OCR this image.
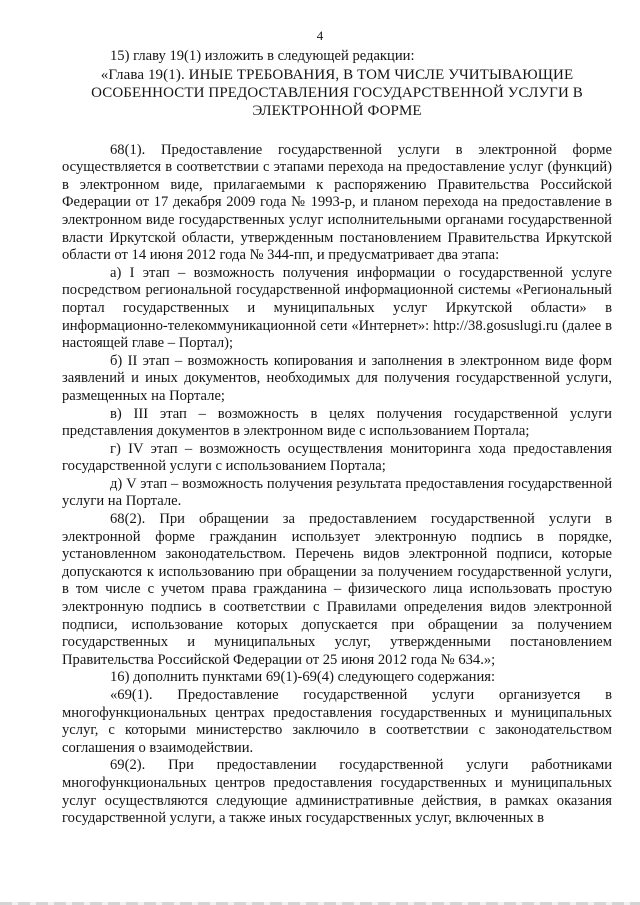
4

15) главу 19(1) изложить в следующей редакции:

«Глава 19(1). ИНЫЕ ТРЕБОВАНИЯ, В ТОМ ЧИСЛЕ УЧИТЫВАЮЩИЕ

ОСОБЕННОСТИ ПРЕДОСТАВЛЕНИЯ ГОСУДАРСТВЕННОЙ УСЛУГИ В

ЭЛЕКТРОННОЙ ФОРМЕ

68(1). Предоставление государственной услуги в электронной форме осуществляется в соответствии с этапами перехода на предоставление услуг (функций) в электронном виде, прилагаемыми к распоряжению Правительства Российской Федерации от 17 декабря 2009 года № 1993-р, и планом перехода на предоставление в электронном виде государственных услуг исполнительными органами государственной власти Иркутской области, утвержденным постановлением Правительства Иркутской области от 14 июня 2012 года № 344-пп, и предусматривает два этапа:

а) I этап – возможность получения информации о государственной услуге посредством региональной государственной информационной системы «Региональный портал государственных и муниципальных услуг Иркутской области» в информационно-телекоммуникационной сети «Интернет»: http://38.gosuslugi.ru (далее в настоящей главе – Портал);

б) II этап – возможность копирования и заполнения в электронном виде форм заявлений и иных документов, необходимых для получения государственной услуги, размещенных на Портале;

в) III этап – возможность в целях получения государственной услуги представления документов в электронном виде с использованием Портала;

г) IV этап – возможность осуществления мониторинга хода предоставления государственной услуги с использованием Портала;

д) V этап – возможность получения результата предоставления государственной услуги на Портале.

68(2). При обращении за предоставлением государственной услуги в электронной форме гражданин использует электронную подпись в порядке, установленном законодательством. Перечень видов электронной подписи, которые допускаются к использованию при обращении за получением государственной услуги, в том числе с учетом права гражданина – физического лица использовать простую электронную подпись в соответствии с Правилами определения видов электронной подписи, использование которых допускается при обращении за получением государственных и муниципальных услуг, утвержденными постановлением Правительства Российской Федерации от 25 июня 2012 года № 634.»;

16) дополнить пунктами 69(1)-69(4) следующего содержания:

«69(1). Предоставление государственной услуги организуется в многофункциональных центрах предоставления государственных и муниципальных услуг, с которыми министерство заключило в соответствии с законодательством соглашения о взаимодействии.

69(2). При предоставлении государственной услуги работниками многофункциональных центров предоставления государственных и муниципальных услуг осуществляются следующие административные действия, в рамках оказания государственной услуги, а также иных государственных услуг, включенных в
